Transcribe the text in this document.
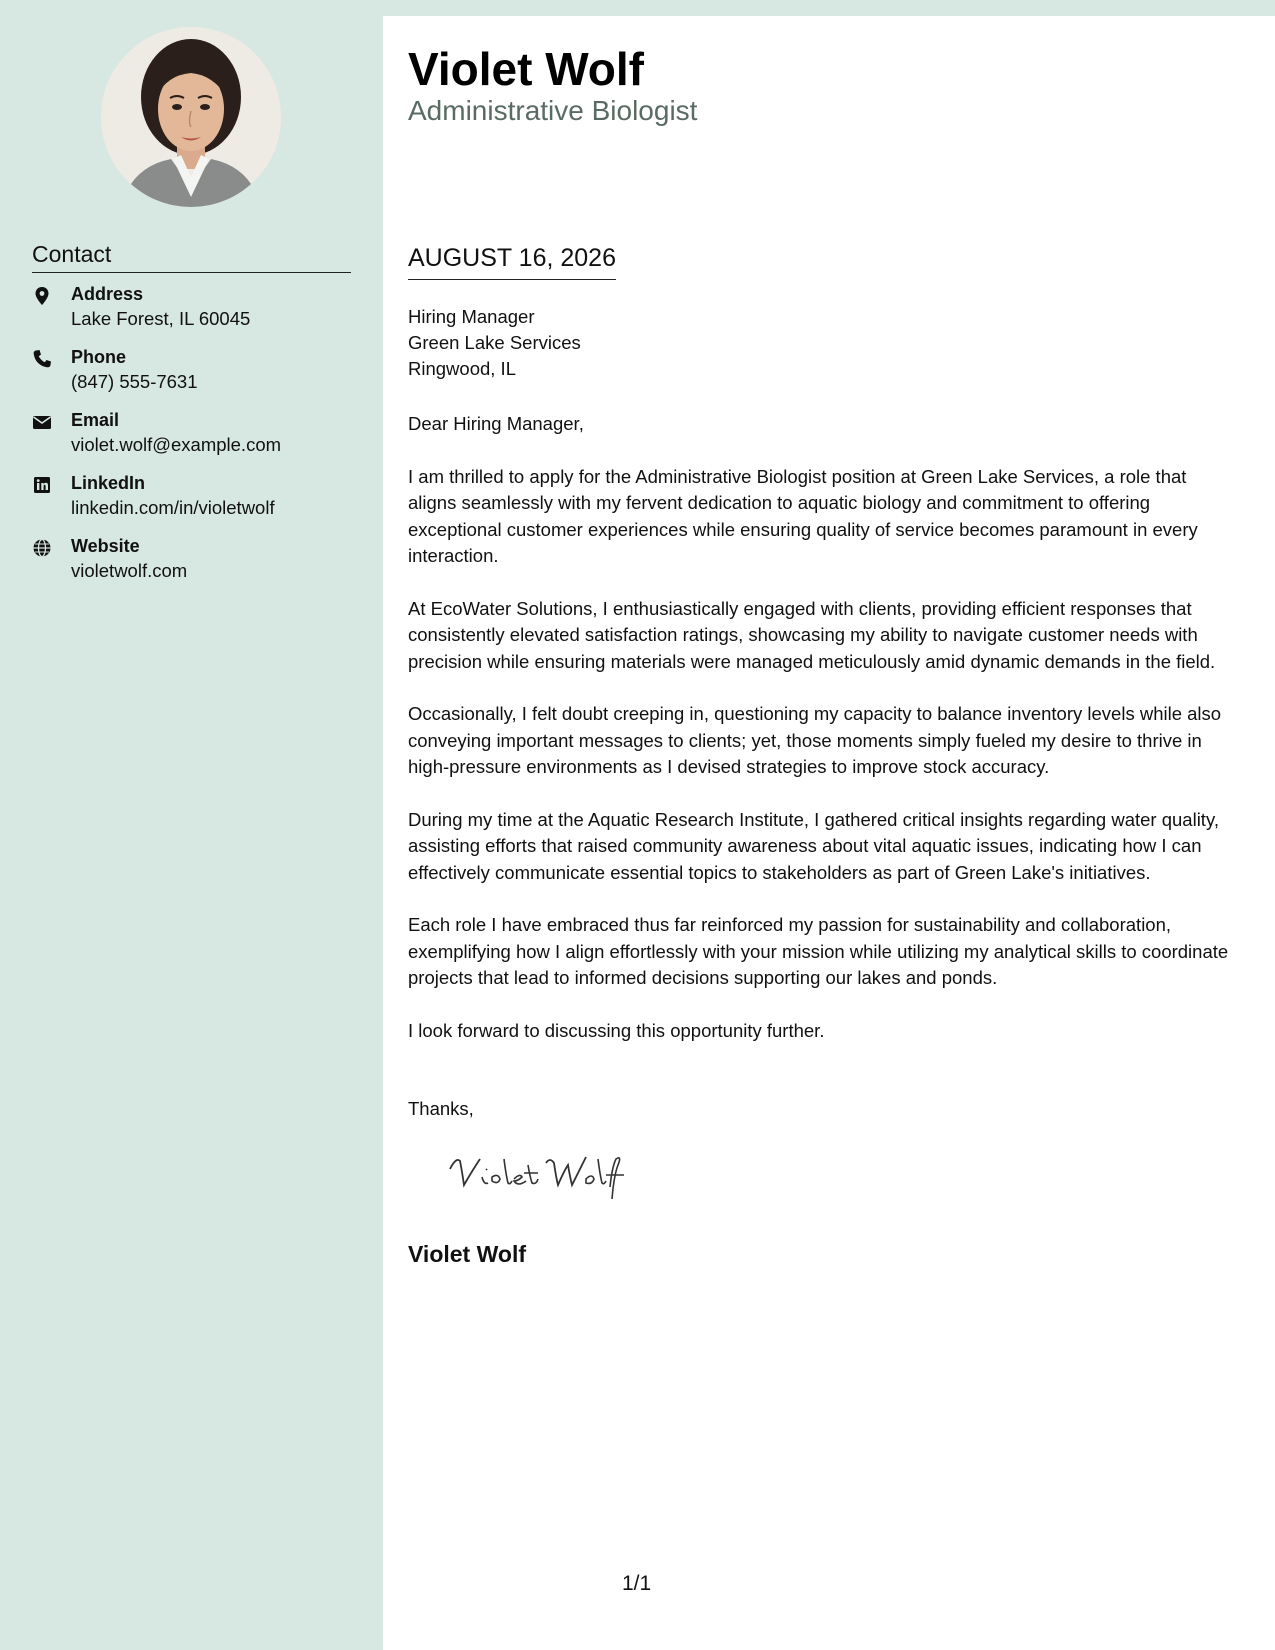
Contact
Address
Lake Forest, IL 60045
Phone
(847) 555-7631
Email
violet.wolf@example.com
LinkedIn
linkedin.com/in/violetwolf
Website
violetwolf.com
Violet Wolf
Administrative Biologist
AUGUST 16, 2026
Hiring Manager
Green Lake Services
Ringwood, IL

Dear Hiring Manager,

I am thrilled to apply for the Administrative Biologist position at Green Lake Services, a role that aligns seamlessly with my fervent dedication to aquatic biology and commitment to offering exceptional customer experiences while ensuring quality of service becomes paramount in every interaction.

At EcoWater Solutions, I enthusiastically engaged with clients, providing efficient responses that consistently elevated satisfaction ratings, showcasing my ability to navigate customer needs with precision while ensuring materials were managed meticulously amid dynamic demands in the field.

Occasionally, I felt doubt creeping in, questioning my capacity to balance inventory levels while also conveying important messages to clients; yet, those moments simply fueled my desire to thrive in high-pressure environments as I devised strategies to improve stock accuracy.

During my time at the Aquatic Research Institute, I gathered critical insights regarding water quality, assisting efforts that raised community awareness about vital aquatic issues, indicating how I can effectively communicate essential topics to stakeholders as part of Green Lake's initiatives.

Each role I have embraced thus far reinforced my passion for sustainability and collaboration, exemplifying how I align effortlessly with your mission while utilizing my analytical skills to coordinate projects that lead to informed decisions supporting our lakes and ponds.

I look forward to discussing this opportunity further.

Thanks,
Violet Wolf
1/1
